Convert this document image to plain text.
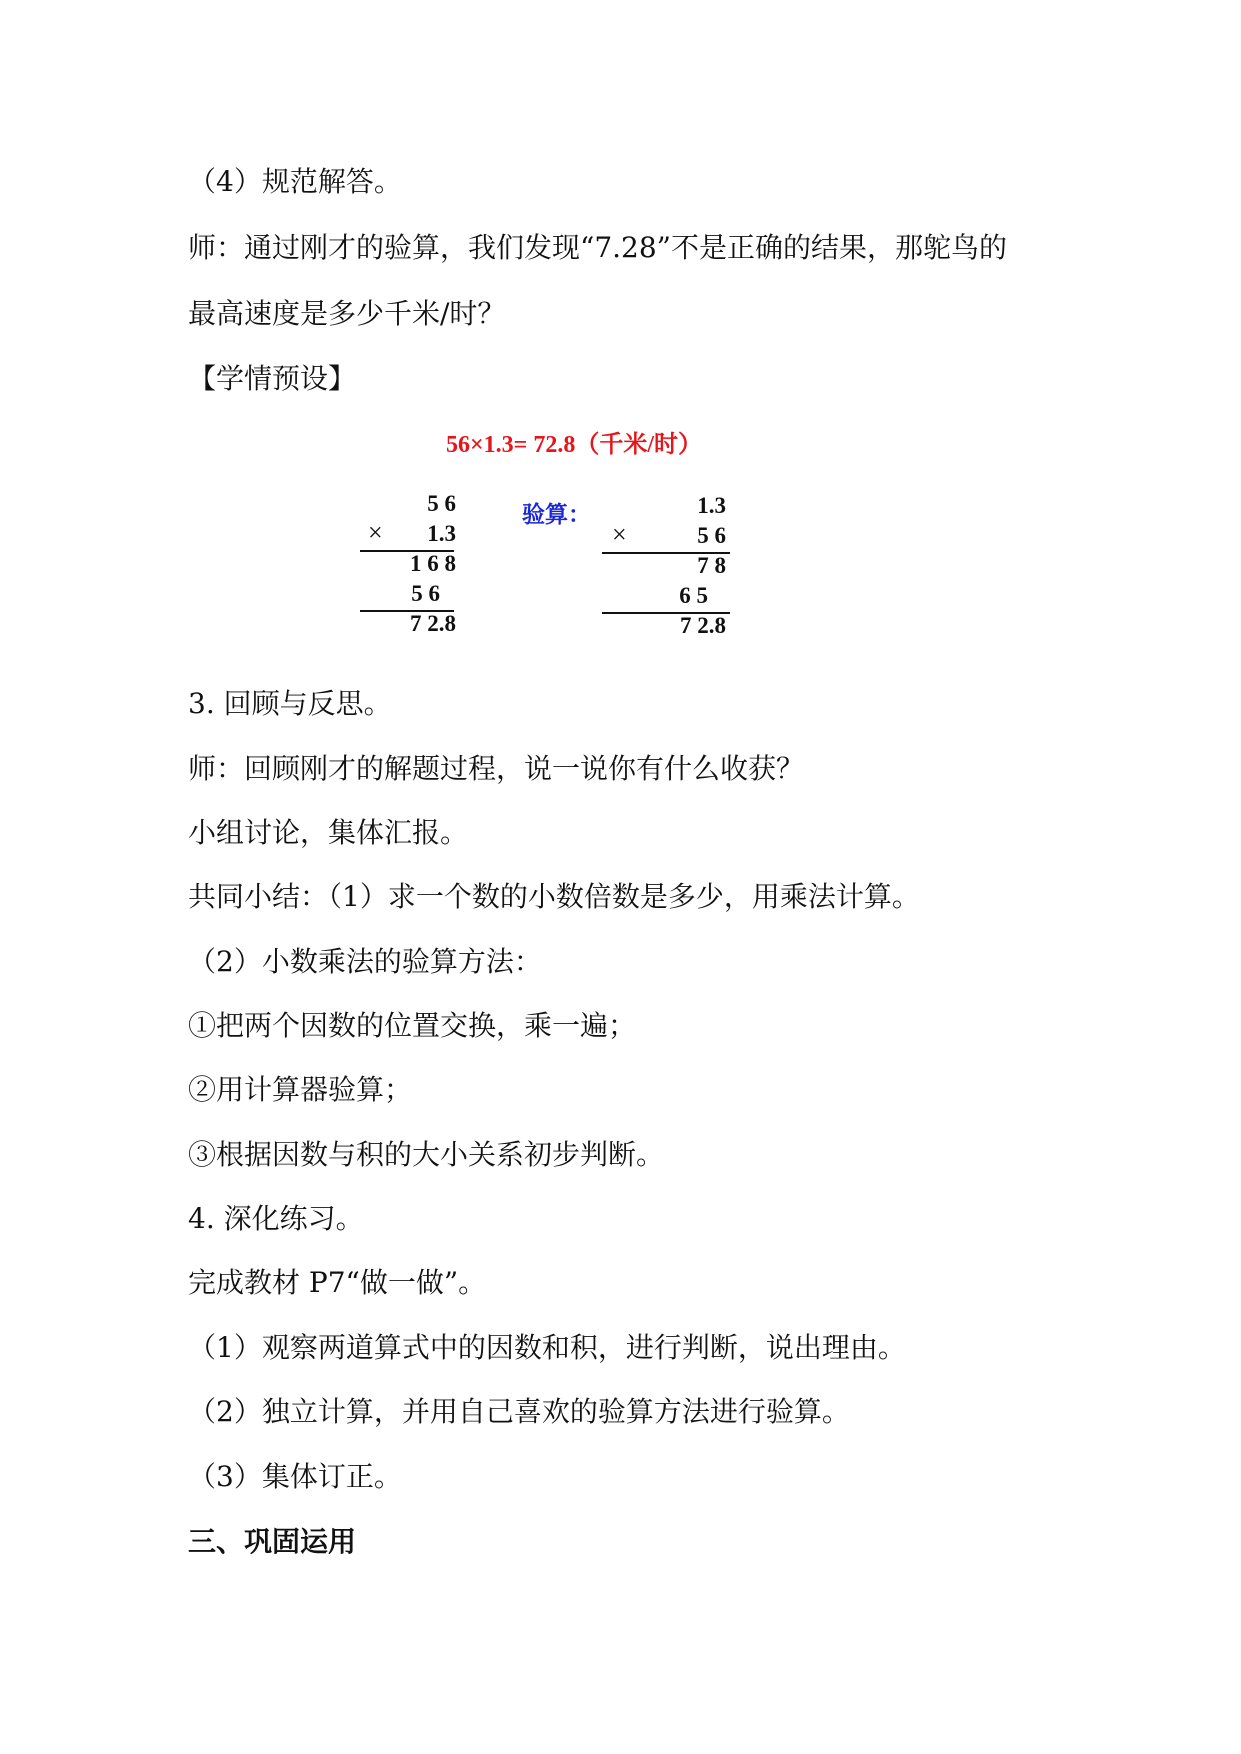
（4）规范解答。
师：通过刚才的验算，我们发现“7.28”不是正确的结果，那鸵鸟的
最高速度是多少千米/时？
【学情预设】
56×1.3= 72.8（千米/时）
5 6
× 1.3
1 6 8
5 6
7 2.8
验算：	1.3
×	5 6
7 8
6 5
7 2.8
3. 回顾与反思。
师：回顾刚才的解题过程，说一说你有什么收获？
小组讨论，集体汇报。
共同小结：（1）求一个数的小数倍数是多少，用乘法计算。
（2）小数乘法的验算方法：
①把两个因数的位置交换，乘一遍；
②用计算器验算；
③根据因数与积的大小关系初步判断。
4. 深化练习。
完成教材 P7“做一做”。
（1）观察两道算式中的因数和积，进行判断，说出理由。
（2）独立计算，并用自己喜欢的验算方法进行验算。
（3）集体订正。
三、巩固运用
